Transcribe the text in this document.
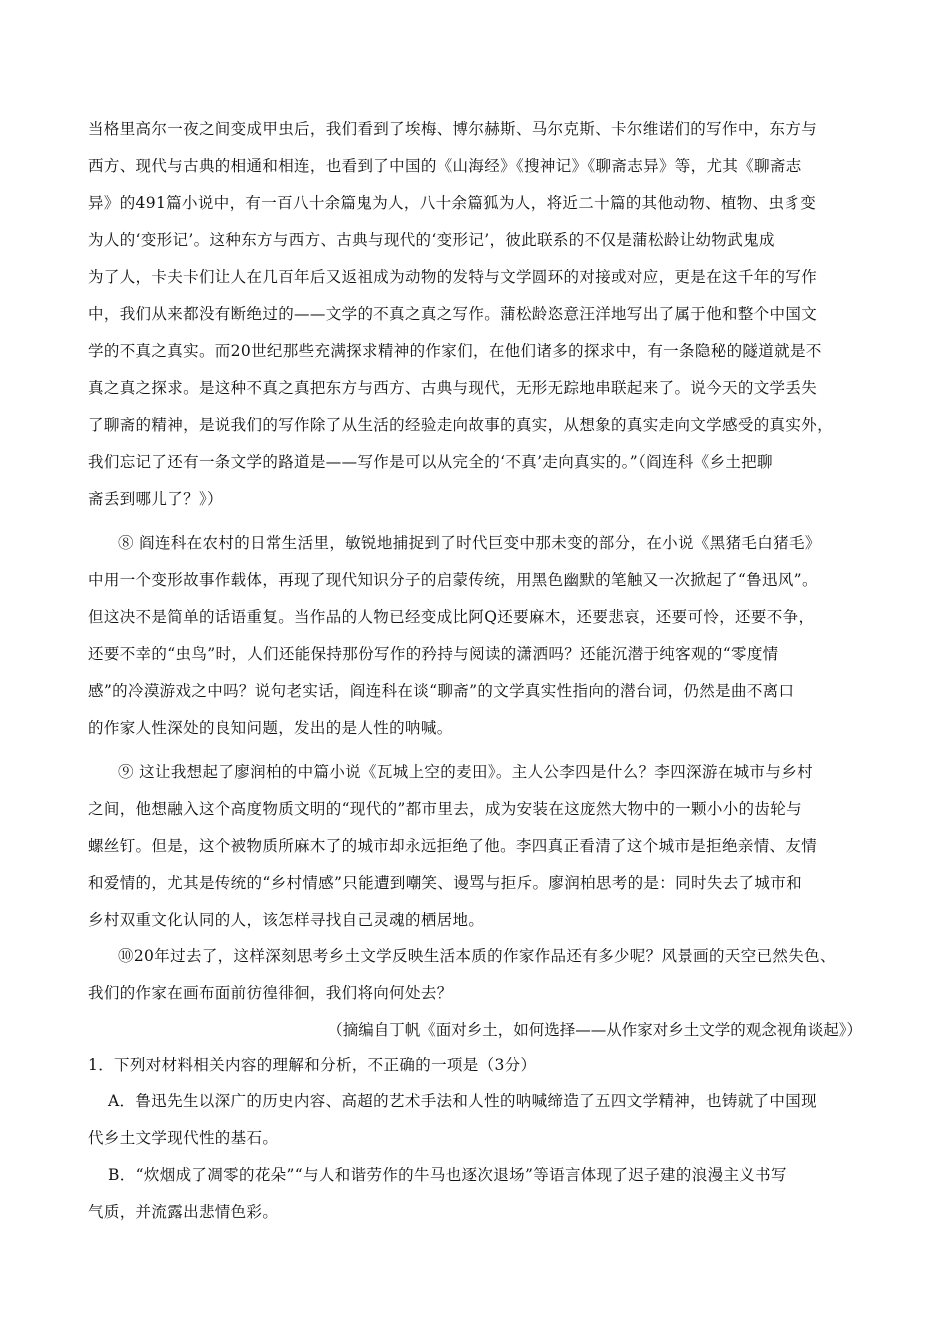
当格里高尔一夜之间变成甲虫后，我们看到了埃梅、博尔赫斯、马尔克斯、卡尔维诺们的写作中，东方与
西方、现代与古典的相通和相连，也看到了中国的《山海经》《搜神记》《聊斋志异》等，尤其《聊斋志
异》的491篇小说中，有一百八十余篇鬼为人，八十余篇狐为人，将近二十篇的其他动物、植物、虫豸变
为人的‘变形记’。这种东方与西方、古典与现代的‘变形记’，彼此联系的不仅是蒲松龄让幼物武鬼成
为了人，卡夫卡们让人在几百年后又返祖成为动物的发特与文学圆环的对接或对应，更是在这千年的写作
中，我们从来都没有断绝过的——文学的不真之真之写作。蒲松龄恣意汪洋地写出了属于他和整个中国文
学的不真之真实。而20世纪那些充满探求精神的作家们，在他们诸多的探求中，有一条隐秘的隧道就是不
真之真之探求。是这种不真之真把东方与西方、古典与现代，无形无踪地串联起来了。说今天的文学丢失
了聊斋的精神，是说我们的写作除了从生活的经验走向故事的真实，从想象的真实走向文学感受的真实外，
我们忘记了还有一条文学的路道是——写作是可以从完全的‘不真’走向真实的。”（阎连科《乡土把聊
斋丢到哪儿了？》）
⑧ 阎连科在农村的日常生活里，敏锐地捕捉到了时代巨变中那未变的部分，在小说《黑猪毛白猪毛》
中用一个变形故事作载体，再现了现代知识分子的启蒙传统，用黑色幽默的笔触又一次掀起了“鲁迅风”。
但这决不是简单的话语重复。当作品的人物已经变成比阿Q还要麻木，还要悲哀，还要可怜，还要不争，
还要不幸的“虫鸟”时，人们还能保持那份写作的矜持与阅读的潇洒吗？还能沉潜于纯客观的“零度情
感”的冷漠游戏之中吗？说句老实话，阎连科在谈“聊斋”的文学真实性指向的潜台词，仍然是曲不离口
的作家人性深处的良知问题，发出的是人性的呐喊。
⑨ 这让我想起了廖润柏的中篇小说《瓦城上空的麦田》。主人公李四是什么？李四深游在城市与乡村
之间，他想融入这个高度物质文明的“现代的”都市里去，成为安装在这庞然大物中的一颗小小的齿轮与
螺丝钉。但是，这个被物质所麻木了的城市却永远拒绝了他。李四真正看清了这个城市是拒绝亲情、友情
和爱情的，尤其是传统的“乡村情感”只能遭到嘲笑、谩骂与拒斥。廖润柏思考的是：同时失去了城市和
乡村双重文化认同的人，该怎样寻找自己灵魂的栖居地。
⑩20年过去了，这样深刻思考乡土文学反映生活本质的作家作品还有多少呢？风景画的天空已然失色、
我们的作家在画布面前彷徨徘徊，我们将向何处去？
（摘编自丁帆《面对乡土，如何选择——从作家对乡土文学的观念视角谈起》）
1．下列对材料相关内容的理解和分析，不正确的一项是（3分）
A．鲁迅先生以深广的历史内容、高超的艺术手法和人性的呐喊缔造了五四文学精神，也铸就了中国现
代乡土文学现代性的基石。
B．“炊烟成了凋零的花朵”“与人和谐劳作的牛马也逐次退场”等语言体现了迟子建的浪漫主义书写
气质，并流露出悲情色彩。
